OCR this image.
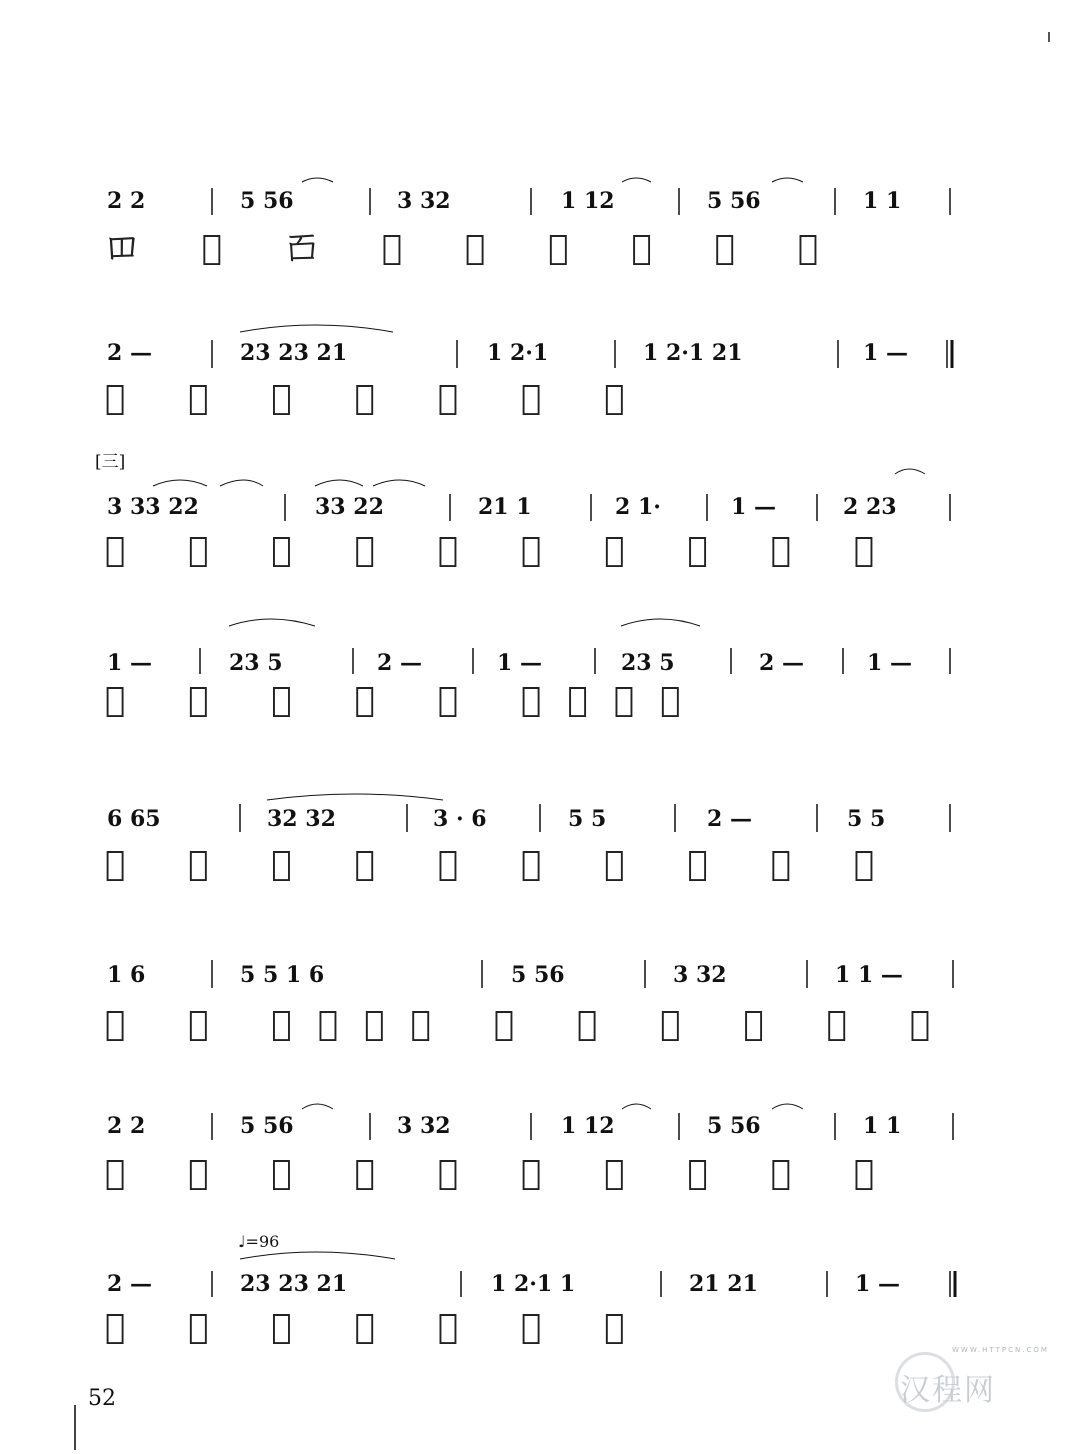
2 2	5 56	3 32	1 12	5 56	1 1
𫩏 𫩐 𫩑 𫩒 𫩓 𫩔 𫩕 𫩖 𫩗
2 —	23 23 21	1 2·1	1 2·1 21	1 —
𫩘 𫩙 𫩚 𫩛 𫩜 𫩝 𫩞
[三]
3 33 22	33 22	21 1	2 1·	1 —	2 23
𫩟 𫩠 𫩡 𫩢 𫩣 𫩤 𫩥 𫩦 𫩧 𫩨
1 —	23 5	2 —	1 —	23 5	2 —	1 —
𫩩 𫩪 𫩫 𫩬 𫩭 从厂再乍
6 65	32 32	3 · 6	5 5	2 —	5 5
𫩮 𫩯 𫩰 𫩱 𫩲 𫩳 𫩴 𫩵 𫩶 𫩷
1 6	5 5 1 6	5 56	3 32	1 1 —
𫩸 𫩹 从厂再乍 𫩺 𫩻 𫩼 𫩽 𫩾 𫩿
2 2	5 56	3 32	1 12	5 56	1 1
𫪀 𫪁 𫪂 𫪃 𫪄 𫪅 𫪆 𫪇 𫪈 𫪉
♩=96
2 —	23 23 21	1 2·1 1	21 21	1 —
𫪊 𫪋 𫪌 𫪍 𫪎 𫪏 𫪐
52
WWW.HTTPCN.COM
汉程网
